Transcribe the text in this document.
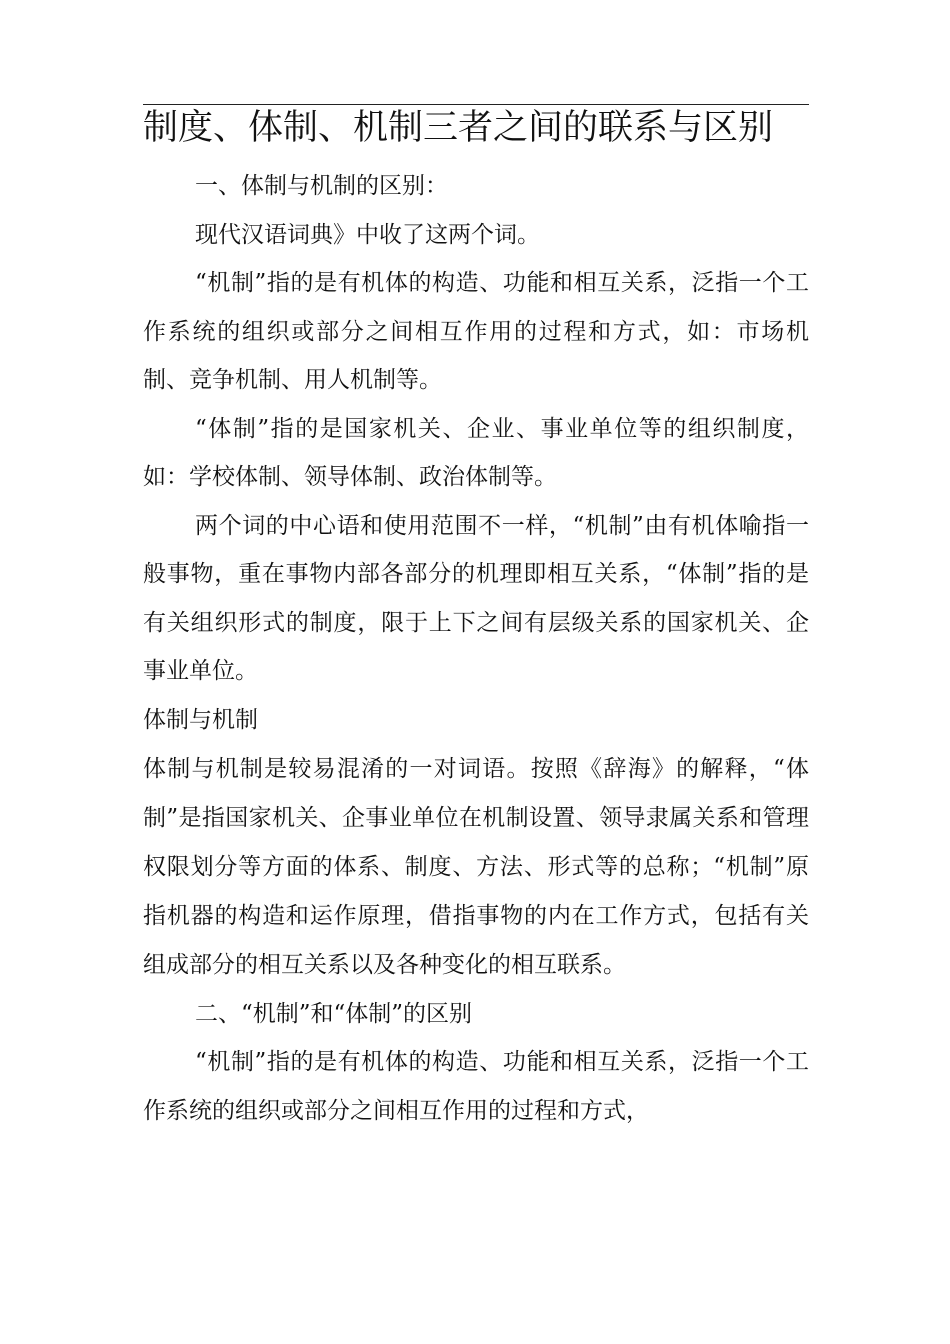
制度、体制、机制三者之间的联系与区别

一、体制与机制的区别：

现代汉语词典》中收了这两个词。

“机制”指的是有机体的构造、功能和相互关系，泛指一个工作系统的组织或部分之间相互作用的过程和方式，如：市场机制、竞争机制、用人机制等。

“体制”指的是国家机关、企业、事业单位等的组织制度，如：学校体制、领导体制、政治体制等。

两个词的中心语和使用范围不一样，“机制”由有机体喻指一般事物，重在事物内部各部分的机理即相互关系，“体制”指的是有关组织形式的制度，限于上下之间有层级关系的国家机关、企事业单位。

体制与机制

体制与机制是较易混淆的一对词语。按照《辞海》的解释，“体制”是指国家机关、企事业单位在机制设置、领导隶属关系和管理权限划分等方面的体系、制度、方法、形式等的总称；“机制”原指机器的构造和运作原理，借指事物的内在工作方式，包括有关组成部分的相互关系以及各种变化的相互联系。

二、“机制”和“体制”的区别

“机制”指的是有机体的构造、功能和相互关系，泛指一个工作系统的组织或部分之间相互作用的过程和方式，
